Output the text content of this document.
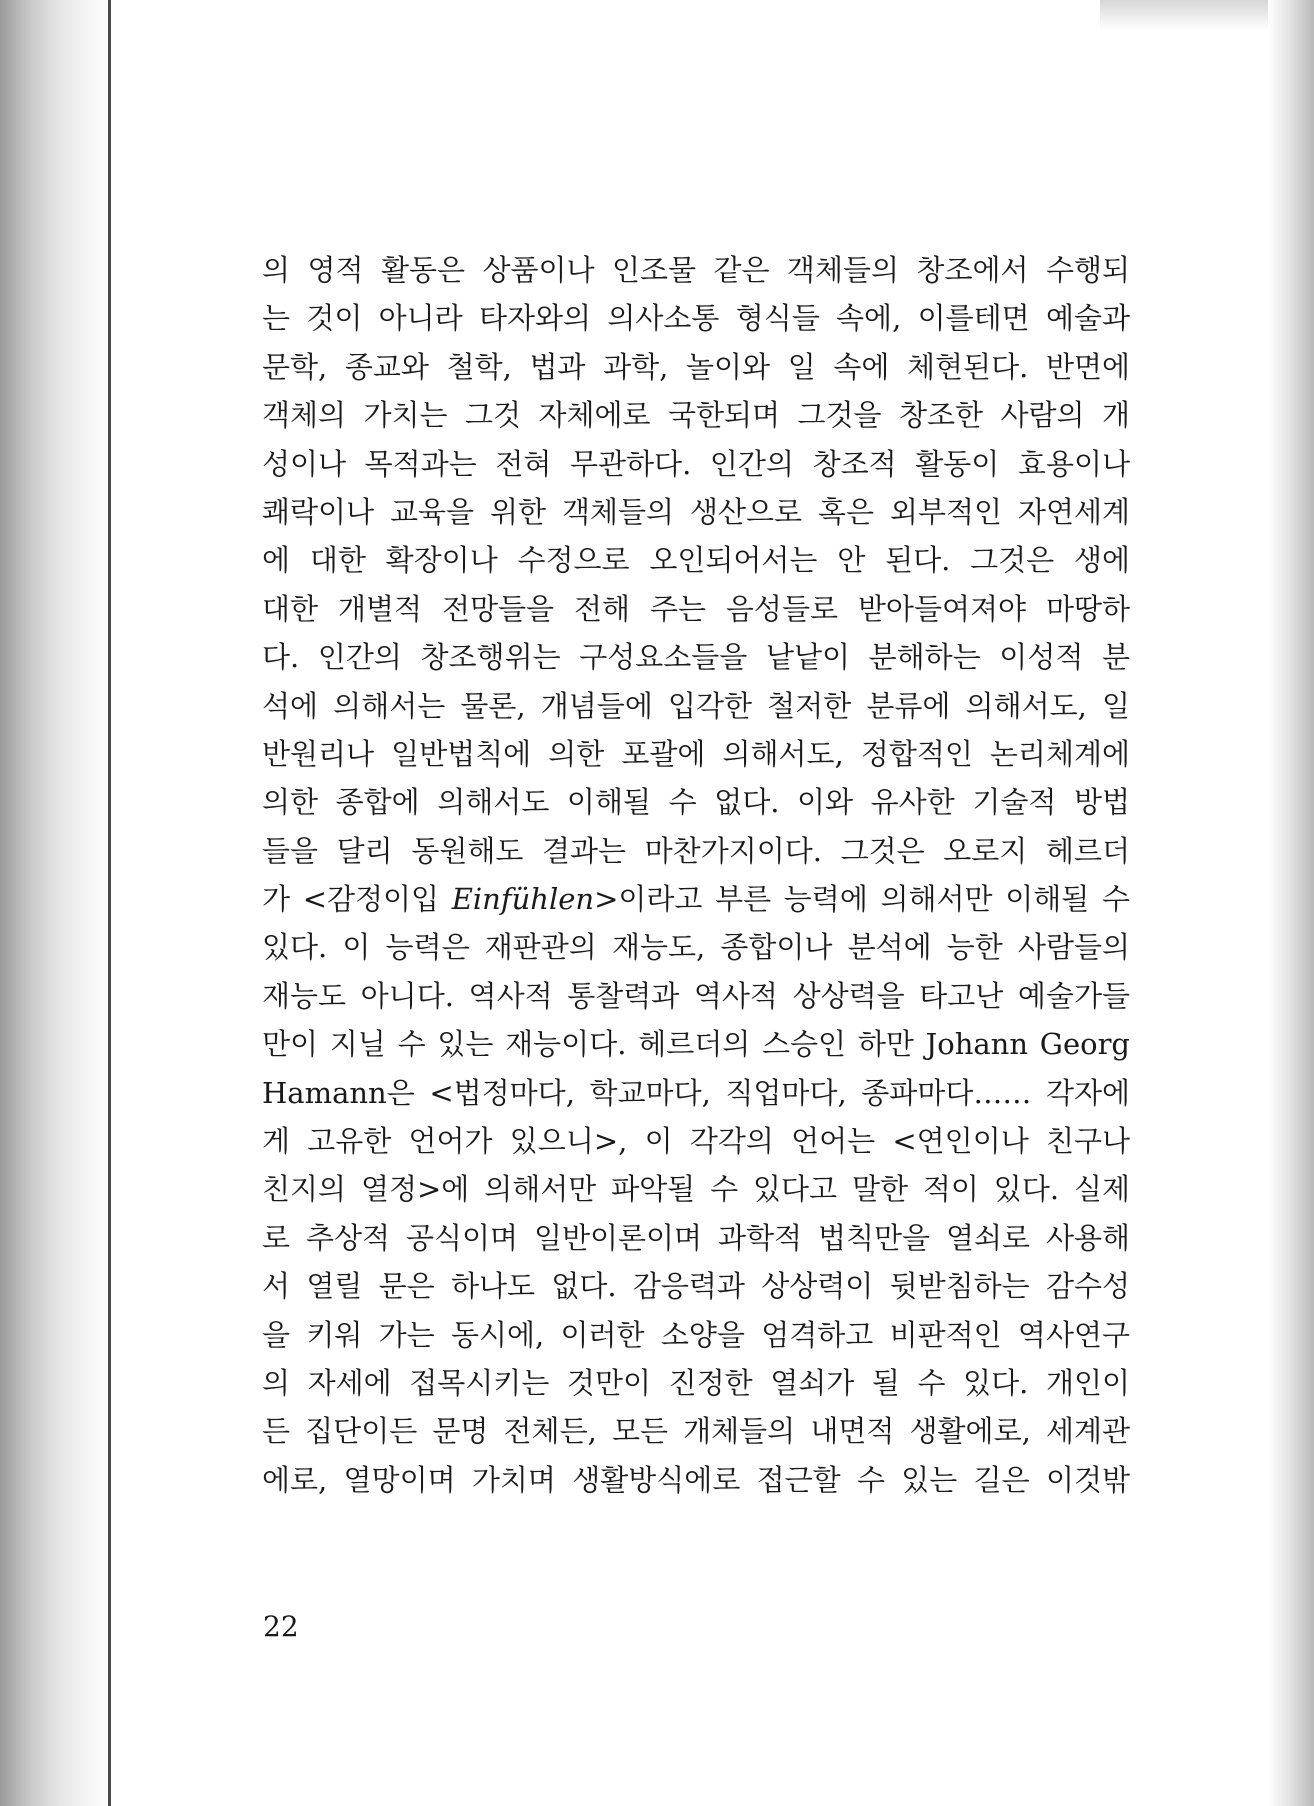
의 영적 활동은 상품이나 인조물 같은 객체들의 창조에서 수행되
는 것이 아니라 타자와의 의사소통 형식들 속에, 이를테면 예술과
문학, 종교와 철학, 법과 과학, 놀이와 일 속에 체현된다. 반면에
객체의 가치는 그것 자체에로 국한되며 그것을 창조한 사람의 개
성이나 목적과는 전혀 무관하다. 인간의 창조적 활동이 효용이나
쾌락이나 교육을 위한 객체들의 생산으로 혹은 외부적인 자연세계
에 대한 확장이나 수정으로 오인되어서는 안 된다. 그것은 생에
대한 개별적 전망들을 전해 주는 음성들로 받아들여져야 마땅하
다. 인간의 창조행위는 구성요소들을 낱낱이 분해하는 이성적 분
석에 의해서는 물론, 개념들에 입각한 철저한 분류에 의해서도, 일
반원리나 일반법칙에 의한 포괄에 의해서도, 정합적인 논리체계에
의한 종합에 의해서도 이해될 수 없다. 이와 유사한 기술적 방법
들을 달리 동원해도 결과는 마찬가지이다. 그것은 오로지 헤르더
가 <감정이입 Einfühlen>이라고 부른 능력에 의해서만 이해될 수
있다. 이 능력은 재판관의 재능도, 종합이나 분석에 능한 사람들의
재능도 아니다. 역사적 통찰력과 역사적 상상력을 타고난 예술가들
만이 지닐 수 있는 재능이다. 헤르더의 스승인 하만 Johann Georg
Hamann은 <법정마다, 학교마다, 직업마다, 종파마다…… 각자에
게 고유한 언어가 있으니>, 이 각각의 언어는 <연인이나 친구나
친지의 열정>에 의해서만 파악될 수 있다고 말한 적이 있다. 실제
로 추상적 공식이며 일반이론이며 과학적 법칙만을 열쇠로 사용해
서 열릴 문은 하나도 없다. 감응력과 상상력이 뒷받침하는 감수성
을 키워 가는 동시에, 이러한 소양을 엄격하고 비판적인 역사연구
의 자세에 접목시키는 것만이 진정한 열쇠가 될 수 있다. 개인이
든 집단이든 문명 전체든, 모든 개체들의 내면적 생활에로, 세계관
에로, 열망이며 가치며 생활방식에로 접근할 수 있는 길은 이것밖
22
